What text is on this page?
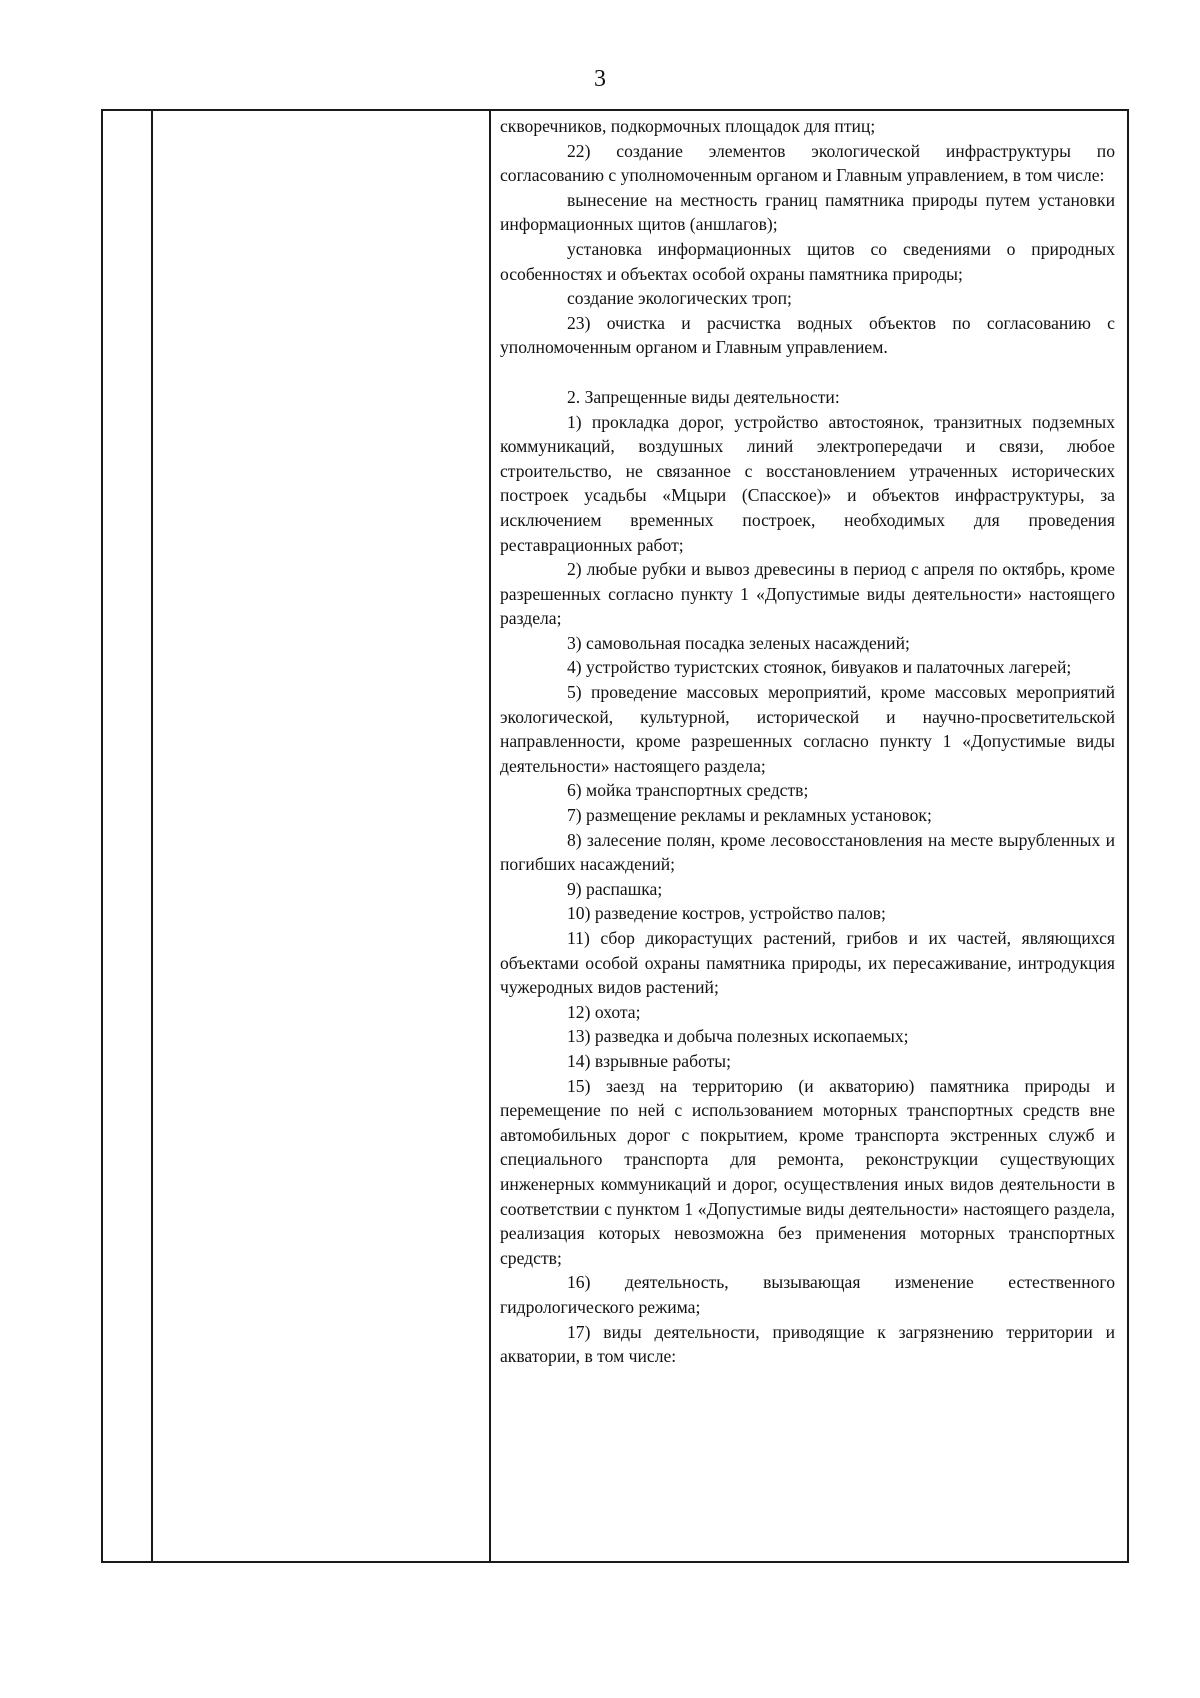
3

скворечников, подкормочных площадок для птиц;

22) создание элементов экологической инфраструктуры по согласованию с уполномоченным органом и Главным управлением, в том числе:

вынесение на местность границ памятника природы путем установки информационных щитов (аншлагов);

установка информационных щитов со сведениями о природных особенностях и объектах особой охраны памятника природы;

создание экологических троп;

23) очистка и расчистка водных объектов по согласованию с уполномоченным органом и Главным управлением.

2. Запрещенные виды деятельности:

1) прокладка дорог, устройство автостоянок, транзитных подземных коммуникаций, воздушных линий электропередачи и связи, любое строительство, не связанное с восстановлением утраченных исторических построек усадьбы «Мцыри (Спасское)» и объектов инфраструктуры, за исключением временных построек, необходимых для проведения реставрационных работ;

2) любые рубки и вывоз древесины в период с апреля по октябрь, кроме разрешенных согласно пункту 1 «Допустимые виды деятельности» настоящего раздела;

3) самовольная посадка зеленых насаждений;

4) устройство туристских стоянок, бивуаков и палаточных лагерей;

5) проведение массовых мероприятий, кроме массовых мероприятий экологической, культурной, исторической и научно-просветительской направленности, кроме разрешенных согласно пункту 1 «Допустимые виды деятельности» настоящего раздела;

6) мойка транспортных средств;

7) размещение рекламы и рекламных установок;

8) залесение полян, кроме лесовосстановления на месте вырубленных и погибших насаждений;

9) распашка;

10) разведение костров, устройство палов;

11) сбор дикорастущих растений, грибов и их частей, являющихся объектами особой охраны памятника природы, их пересаживание, интродукция чужеродных видов растений;

12) охота;

13) разведка и добыча полезных ископаемых;

14) взрывные работы;

15) заезд на территорию (и акваторию) памятника природы и перемещение по ней с использованием моторных транспортных средств вне автомобильных дорог с покрытием, кроме транспорта экстренных служб и специального транспорта для ремонта, реконструкции существующих инженерных коммуникаций и дорог, осуществления иных видов деятельности в соответствии с пунктом 1 «Допустимые виды деятельности» настоящего раздела, реализация которых невозможна без применения моторных транспортных средств;

16) деятельность, вызывающая изменение естественного гидрологического режима;

17) виды деятельности, приводящие к загрязнению территории и акватории, в том числе:
